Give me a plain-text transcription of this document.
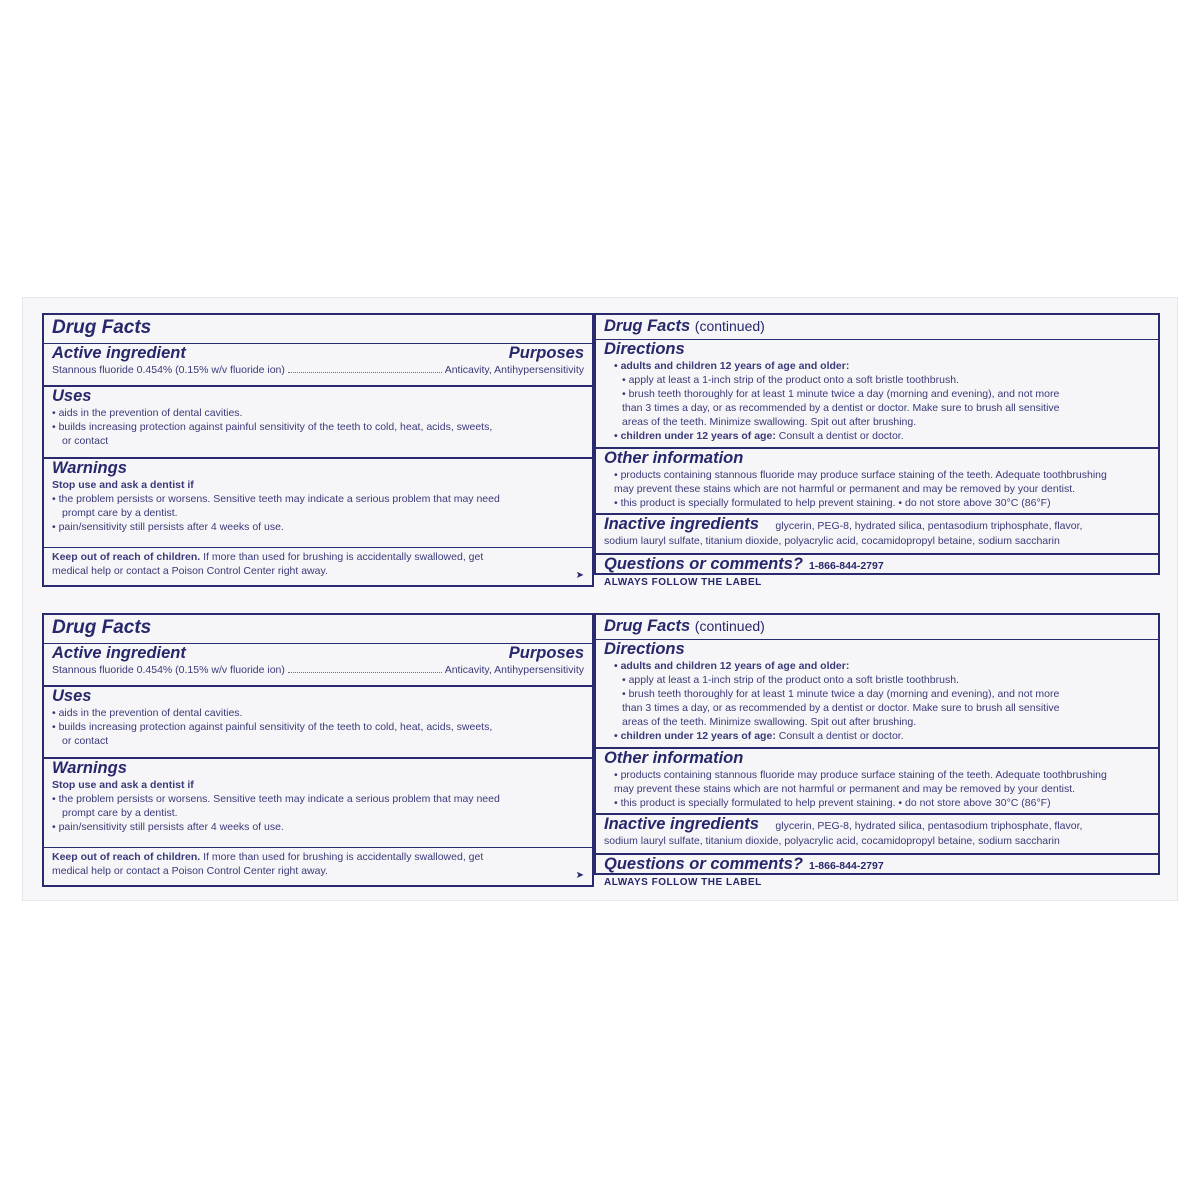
Drug Facts
Active ingredient	Purposes
Stannous fluoride 0.454% (0.15% w/v fluoride ion)	Anticavity, Antihypersensitivity
Uses
• aids in the prevention of dental cavities.
• builds increasing protection against painful sensitivity of the teeth to cold, heat, acids, sweets,
or contact
Warnings
Stop use and ask a dentist if
• the problem persists or worsens. Sensitive teeth may indicate a serious problem that may need
prompt care by a dentist.
• pain/sensitivity still persists after 4 weeks of use.
Keep out of reach of children. If more than used for brushing is accidentally swallowed, get
medical help or contact a Poison Control Center right away.	➤
Drug Facts (continued)
Directions
• adults and children 12 years of age and older:
• apply at least a 1-inch strip of the product onto a soft bristle toothbrush.
• brush teeth thoroughly for at least 1 minute twice a day (morning and evening), and not more
than 3 times a day, or as recommended by a dentist or doctor. Make sure to brush all sensitive
areas of the teeth. Minimize swallowing. Spit out after brushing.
• children under 12 years of age: Consult a dentist or doctor.
Other information
• products containing stannous fluoride may produce surface staining of the teeth. Adequate toothbrushing
may prevent these stains which are not harmful or permanent and may be removed by your dentist.
• this product is specially formulated to help prevent staining. • do not store above 30°C (86°F)
Inactive ingredients glycerin, PEG-8, hydrated silica, pentasodium triphosphate, flavor,
sodium lauryl sulfate, titanium dioxide, polyacrylic acid, cocamidopropyl betaine, sodium saccharin
Questions or comments? 1-866-844-2797
ALWAYS FOLLOW THE LABEL
Drug Facts
Active ingredient	Purposes
Stannous fluoride 0.454% (0.15% w/v fluoride ion)	Anticavity, Antihypersensitivity
Uses
• aids in the prevention of dental cavities.
• builds increasing protection against painful sensitivity of the teeth to cold, heat, acids, sweets,
or contact
Warnings
Stop use and ask a dentist if
• the problem persists or worsens. Sensitive teeth may indicate a serious problem that may need
prompt care by a dentist.
• pain/sensitivity still persists after 4 weeks of use.
Keep out of reach of children. If more than used for brushing is accidentally swallowed, get
medical help or contact a Poison Control Center right away.	➤
Drug Facts (continued)
Directions
• adults and children 12 years of age and older:
• apply at least a 1-inch strip of the product onto a soft bristle toothbrush.
• brush teeth thoroughly for at least 1 minute twice a day (morning and evening), and not more
than 3 times a day, or as recommended by a dentist or doctor. Make sure to brush all sensitive
areas of the teeth. Minimize swallowing. Spit out after brushing.
• children under 12 years of age: Consult a dentist or doctor.
Other information
• products containing stannous fluoride may produce surface staining of the teeth. Adequate toothbrushing
may prevent these stains which are not harmful or permanent and may be removed by your dentist.
• this product is specially formulated to help prevent staining. • do not store above 30°C (86°F)
Inactive ingredients glycerin, PEG-8, hydrated silica, pentasodium triphosphate, flavor,
sodium lauryl sulfate, titanium dioxide, polyacrylic acid, cocamidopropyl betaine, sodium saccharin
Questions or comments? 1-866-844-2797
ALWAYS FOLLOW THE LABEL
